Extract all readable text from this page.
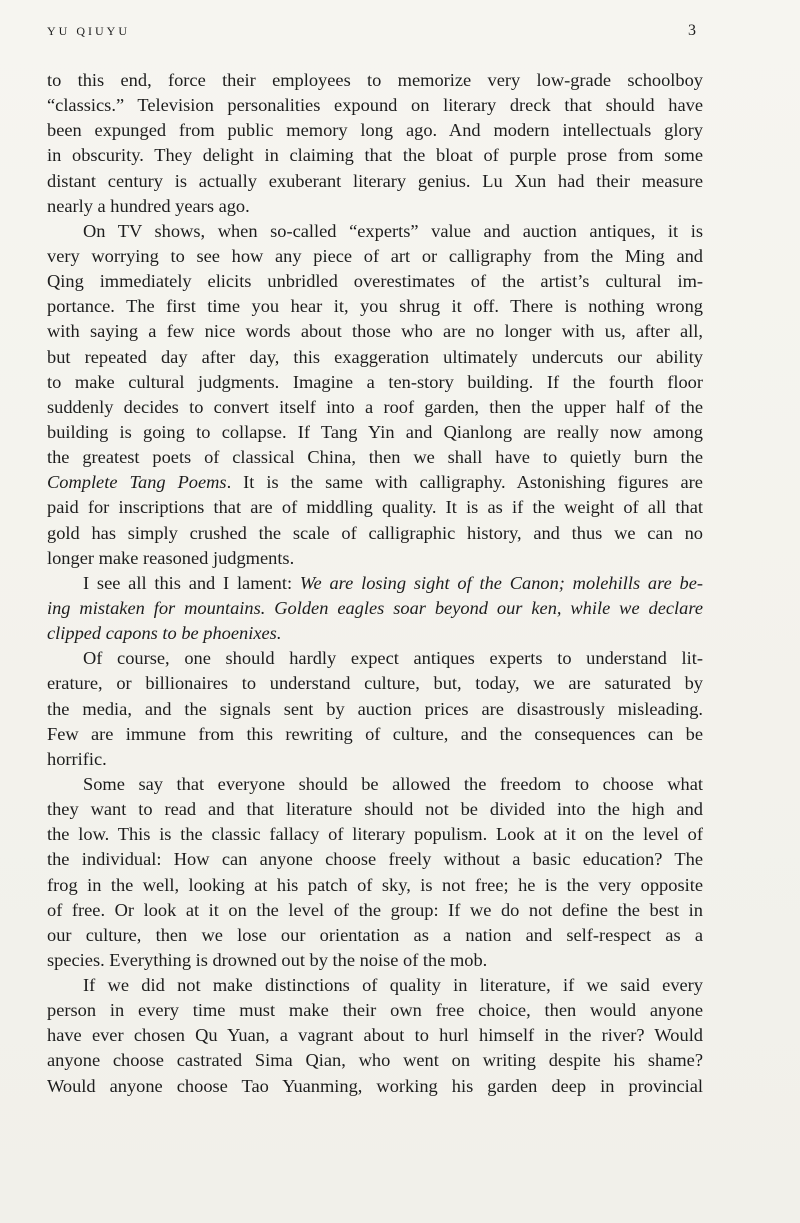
YU QIUYU	3
to this end, force their employees to memorize very low-grade schoolboy
“classics.” Television personalities expound on literary dreck that should have
been expunged from public memory long ago. And modern intellectuals glory
in obscurity. They delight in claiming that the bloat of purple prose from some
distant century is actually exuberant literary genius. Lu Xun had their measure
nearly a hundred years ago.
On TV shows, when so-called “experts” value and auction antiques, it is
very worrying to see how any piece of art or calligraphy from the Ming and
Qing immediately elicits unbridled overestimates of the artist’s cultural im-
portance. The first time you hear it, you shrug it off. There is nothing wrong
with saying a few nice words about those who are no longer with us, after all,
but repeated day after day, this exaggeration ultimately undercuts our ability
to make cultural judgments. Imagine a ten-story building. If the fourth floor
suddenly decides to convert itself into a roof garden, then the upper half of the
building is going to collapse. If Tang Yin and Qianlong are really now among
the greatest poets of classical China, then we shall have to quietly burn the
Complete Tang Poems. It is the same with calligraphy. Astonishing figures are
paid for inscriptions that are of middling quality. It is as if the weight of all that
gold has simply crushed the scale of calligraphic history, and thus we can no
longer make reasoned judgments.
I see all this and I lament: We are losing sight of the Canon; molehills are be-
ing mistaken for mountains. Golden eagles soar beyond our ken, while we declare
clipped capons to be phoenixes.
Of course, one should hardly expect antiques experts to understand lit-
erature, or billionaires to understand culture, but, today, we are saturated by
the media, and the signals sent by auction prices are disastrously misleading.
Few are immune from this rewriting of culture, and the consequences can be
horrific.
Some say that everyone should be allowed the freedom to choose what
they want to read and that literature should not be divided into the high and
the low. This is the classic fallacy of literary populism. Look at it on the level of
the individual: How can anyone choose freely without a basic education? The
frog in the well, looking at his patch of sky, is not free; he is the very opposite
of free. Or look at it on the level of the group: If we do not define the best in
our culture, then we lose our orientation as a nation and self-respect as a
species. Everything is drowned out by the noise of the mob.
If we did not make distinctions of quality in literature, if we said every
person in every time must make their own free choice, then would anyone
have ever chosen Qu Yuan, a vagrant about to hurl himself in the river? Would
anyone choose castrated Sima Qian, who went on writing despite his shame?
Would anyone choose Tao Yuanming, working his garden deep in provincial
